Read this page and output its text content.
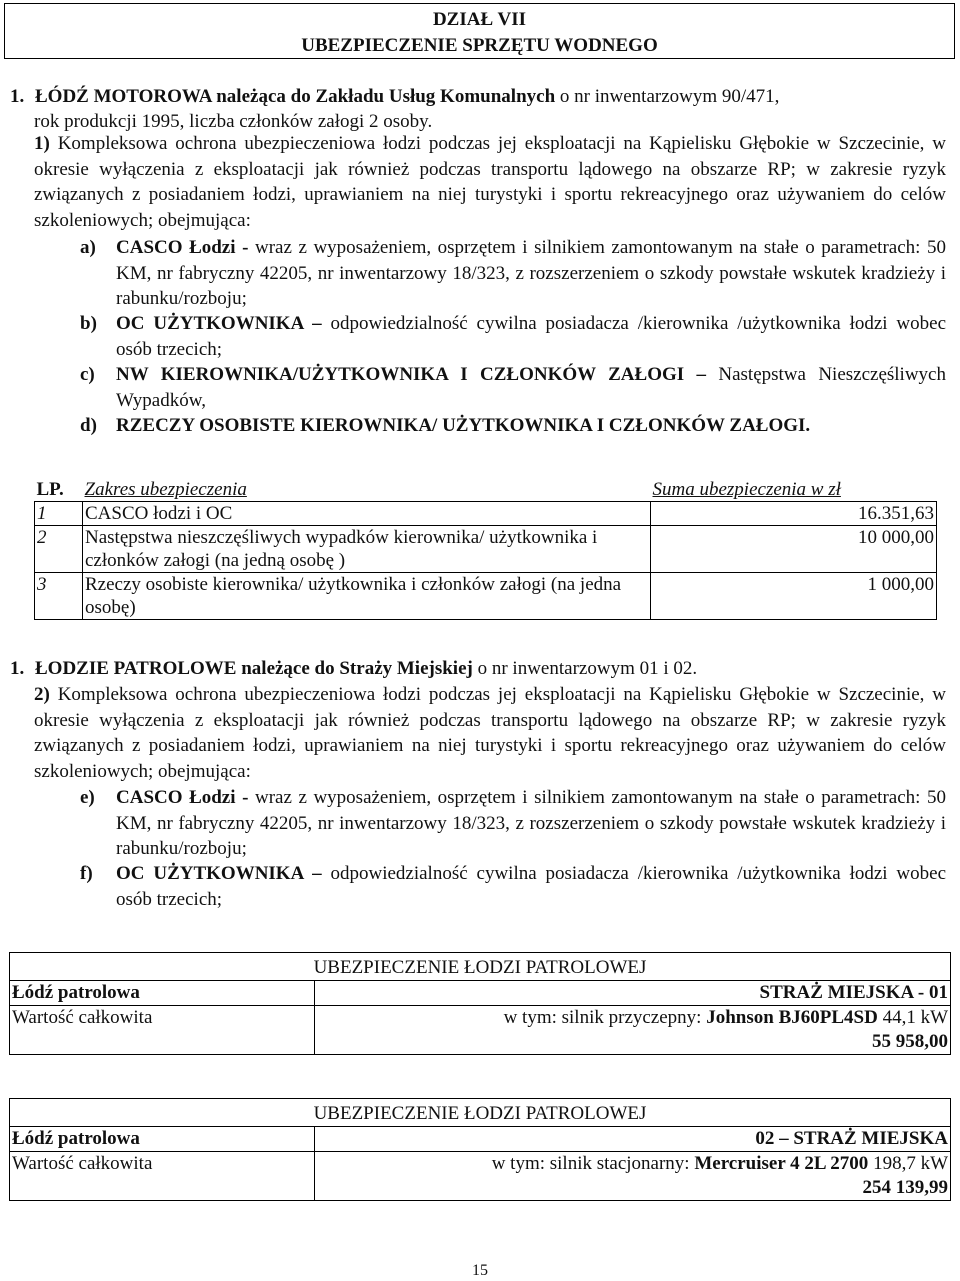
DZIAŁ VII
UBEZPIECZENIE SPRZĘTU WODNEGO
1. ŁÓDŹ MOTOROWA należąca do Zakładu Usług Komunalnych o nr inwentarzowym 90/471,
rok produkcji 1995, liczba członków załogi 2 osoby.
1) Kompleksowa ochrona ubezpieczeniowa łodzi podczas jej eksploatacji na Kąpielisku Głębokie w Szczecinie, w okresie wyłączenia z eksploatacji jak również podczas transportu lądowego na obszarze RP; w zakresie ryzyk związanych z posiadaniem łodzi, uprawianiem na niej turystyki i sportu rekreacyjnego oraz używaniem do celów szkoleniowych; obejmująca:
a) CASCO Łodzi - wraz z wyposażeniem, osprzętem i silnikiem zamontowanym na stałe o parametrach: 50 KM, nr fabryczny 42205, nr inwentarzowy 18/323, z rozszerzeniem o szkody powstałe wskutek kradzieży i rabunku/rozboju;
b) OC UŻYTKOWNIKA – odpowiedzialność cywilna posiadacza /kierownika /użytkownika łodzi wobec osób trzecich;
c) NW KIEROWNIKA/UŻYTKOWNIKA I CZŁONKÓW ZAŁOGI – Następstwa Nieszczęśliwych Wypadków,
d) RZECZY OSOBISTE KIEROWNIKA/ UŻYTKOWNIKA I CZŁONKÓW ZAŁOGI.
LP.	Zakres ubezpieczenia	Suma ubezpieczenia w zł
1	CASCO łodzi i OC	16.351,63
2	Następstwa nieszczęśliwych wypadków kierownika/ użytkownika i członków załogi (na jedną osobę )	10 000,00
3	Rzeczy osobiste kierownika/ użytkownika i członków załogi (na jedna osobę)	1 000,00
1. ŁODZIE PATROLOWE należące do Straży Miejskiej o nr inwentarzowym 01 i 02.
2) Kompleksowa ochrona ubezpieczeniowa łodzi podczas jej eksploatacji na Kąpielisku Głębokie w Szczecinie, w okresie wyłączenia z eksploatacji jak również podczas transportu lądowego na obszarze RP; w zakresie ryzyk związanych z posiadaniem łodzi, uprawianiem na niej turystyki i sportu rekreacyjnego oraz używaniem do celów szkoleniowych; obejmująca:
e) CASCO Łodzi - wraz z wyposażeniem, osprzętem i silnikiem zamontowanym na stałe o parametrach: 50 KM, nr fabryczny 42205, nr inwentarzowy 18/323, z rozszerzeniem o szkody powstałe wskutek kradzieży i rabunku/rozboju;
f) OC UŻYTKOWNIKA – odpowiedzialność cywilna posiadacza /kierownika /użytkownika łodzi wobec osób trzecich;
UBEZPIECZENIE ŁODZI PATROLOWEJ	
Łódź patrolowa	STRAŻ MIEJSKA - 01
Wartość całkowita	w tym: silnik przyczepny: Johnson BJ60PL4SD 44,1 kW
	55 958,00
UBEZPIECZENIE ŁODZI PATROLOWEJ	
Łódź patrolowa	02 – STRAŻ MIEJSKA
Wartość całkowita	w tym: silnik stacjonarny: Mercruiser 4 2L 2700 198,7 kW
	254 139,99
15
